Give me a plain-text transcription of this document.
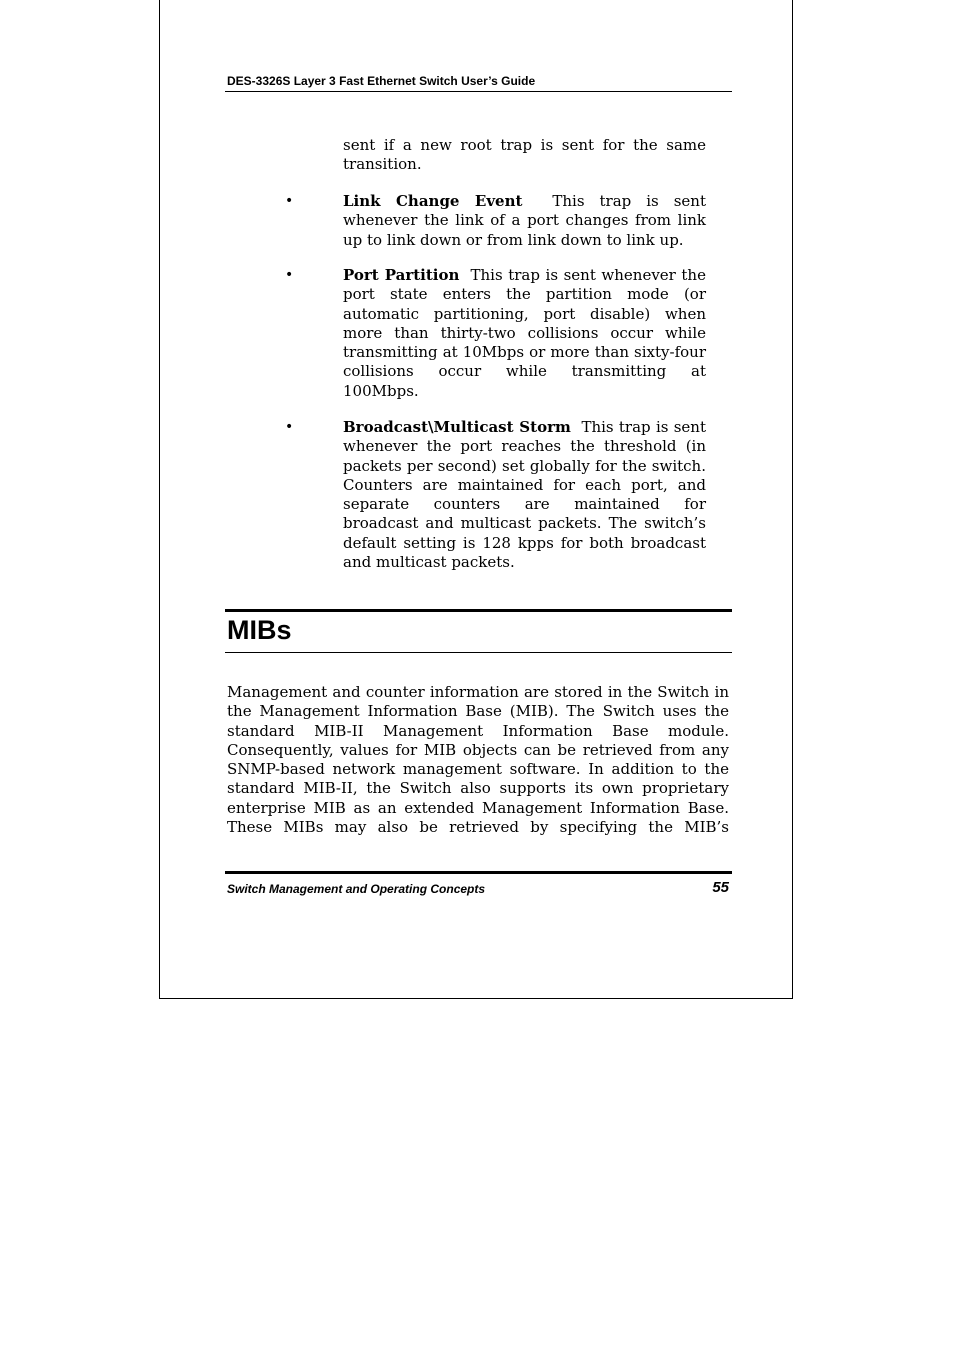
DES-3326S Layer 3 Fast Ethernet Switch User’s Guide

sent if a new root trap is sent for the same transition.

•	Link Change Event This trap is sent whenever the link of a port changes from link up to link down or from link down to link up.

•	Port Partition This trap is sent whenever the port state enters the partition mode (or automatic partitioning, port disable) when more than thirty-two collisions occur while transmitting at 10Mbps or more than sixty-four collisions occur while transmitting at 100Mbps.

•	Broadcast\Multicast Storm This trap is sent whenever the port reaches the threshold (in packets per second) set globally for the switch. Counters are maintained for each port, and separate counters are maintained for broadcast and multicast packets. The switch’s default setting is 128 kpps for both broadcast and multicast packets.

MIBs

Management and counter information are stored in the Switch in the Management Information Base (MIB). The Switch uses the standard MIB-II Management Information Base module. Consequently, values for MIB objects can be retrieved from any SNMP-based network management software. In addition to the standard MIB-II, the Switch also supports its own proprietary enterprise MIB as an extended Management Information Base. These MIBs may also be retrieved by specifying the MIB’s

Switch Management and Operating Concepts	55
